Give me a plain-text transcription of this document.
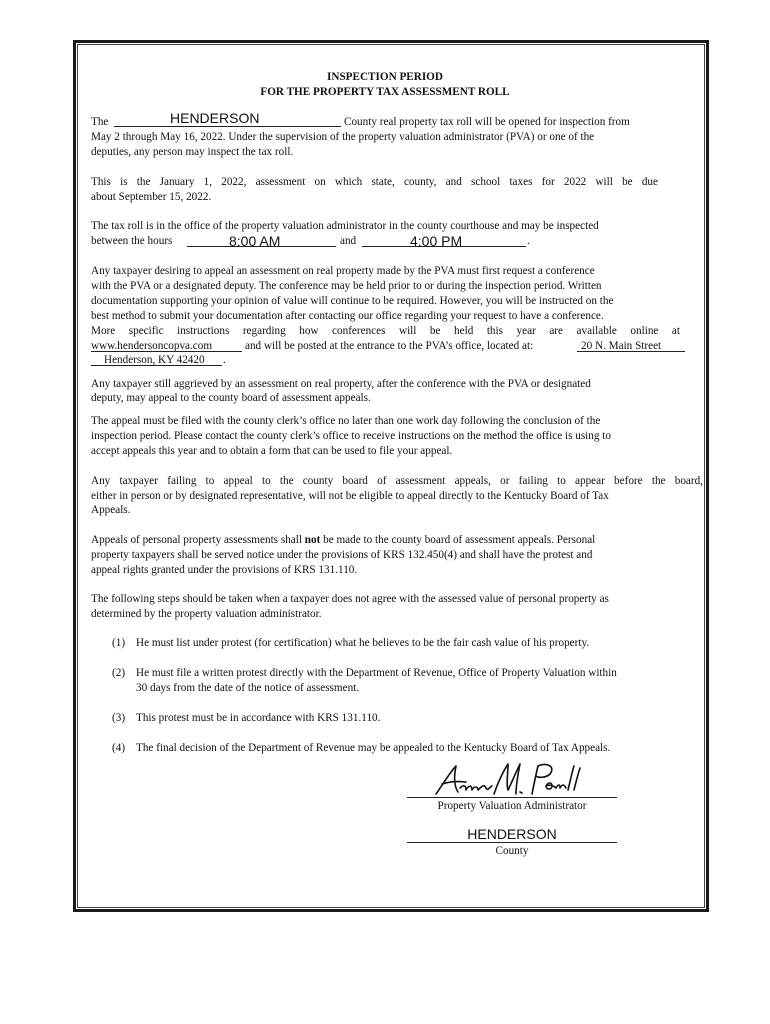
INSPECTION PERIOD
FOR THE PROPERTY TAX ASSESSMENT ROLL
The	HENDERSON	County real property tax roll will be opened for inspection from
May 2 through May 16, 2022. Under the supervision of the property valuation administrator (PVA) or one of the
deputies, any person may inspect the tax roll.
This is the January 1, 2022, assessment on which state, county, and school taxes for 2022 will be due
about September 15, 2022.
The tax roll is in the office of the property valuation administrator in the county courthouse and may be inspected
between the hours	8:00 AM	and	4:00 PM	.
Any taxpayer desiring to appeal an assessment on real property made by the PVA must first request a conference
with the PVA or a designated deputy. The conference may be held prior to or during the inspection period. Written
documentation supporting your opinion of value will continue to be required. However, you will be instructed on the
best method to submit your documentation after contacting our office regarding your request to have a conference.
More specific instructions regarding how conferences will be held this year are available online at
www.hendersoncopva.com	and will be posted at the entrance to the PVA’s office, located at:	20 N. Main Street
Henderson, KY 42420 .
Any taxpayer still aggrieved by an assessment on real property, after the conference with the PVA or designated
deputy, may appeal to the county board of assessment appeals.
The appeal must be filed with the county clerk’s office no later than one work day following the conclusion of the
inspection period. Please contact the county clerk’s office to receive instructions on the method the office is using to
accept appeals this year and to obtain a form that can be used to file your appeal.
Any taxpayer failing to appeal to the county board of assessment appeals, or failing to appear before the board,
either in person or by designated representative, will not be eligible to appeal directly to the Kentucky Board of Tax
Appeals.
Appeals of personal property assessments shall not be made to the county board of assessment appeals. Personal
property taxpayers shall be served notice under the provisions of KRS 132.450(4) and shall have the protest and
appeal rights granted under the provisions of KRS 131.110.
The following steps should be taken when a taxpayer does not agree with the assessed value of personal property as
determined by the property valuation administrator.
(1) He must list under protest (for certification) what he believes to be the fair cash value of his property.
(2) He must file a written protest directly with the Department of Revenue, Office of Property Valuation within
30 days from the date of the notice of assessment.
(3) This protest must be in accordance with KRS 131.110.
(4) The final decision of the Department of Revenue may be appealed to the Kentucky Board of Tax Appeals.
Property Valuation Administrator
HENDERSON
County
